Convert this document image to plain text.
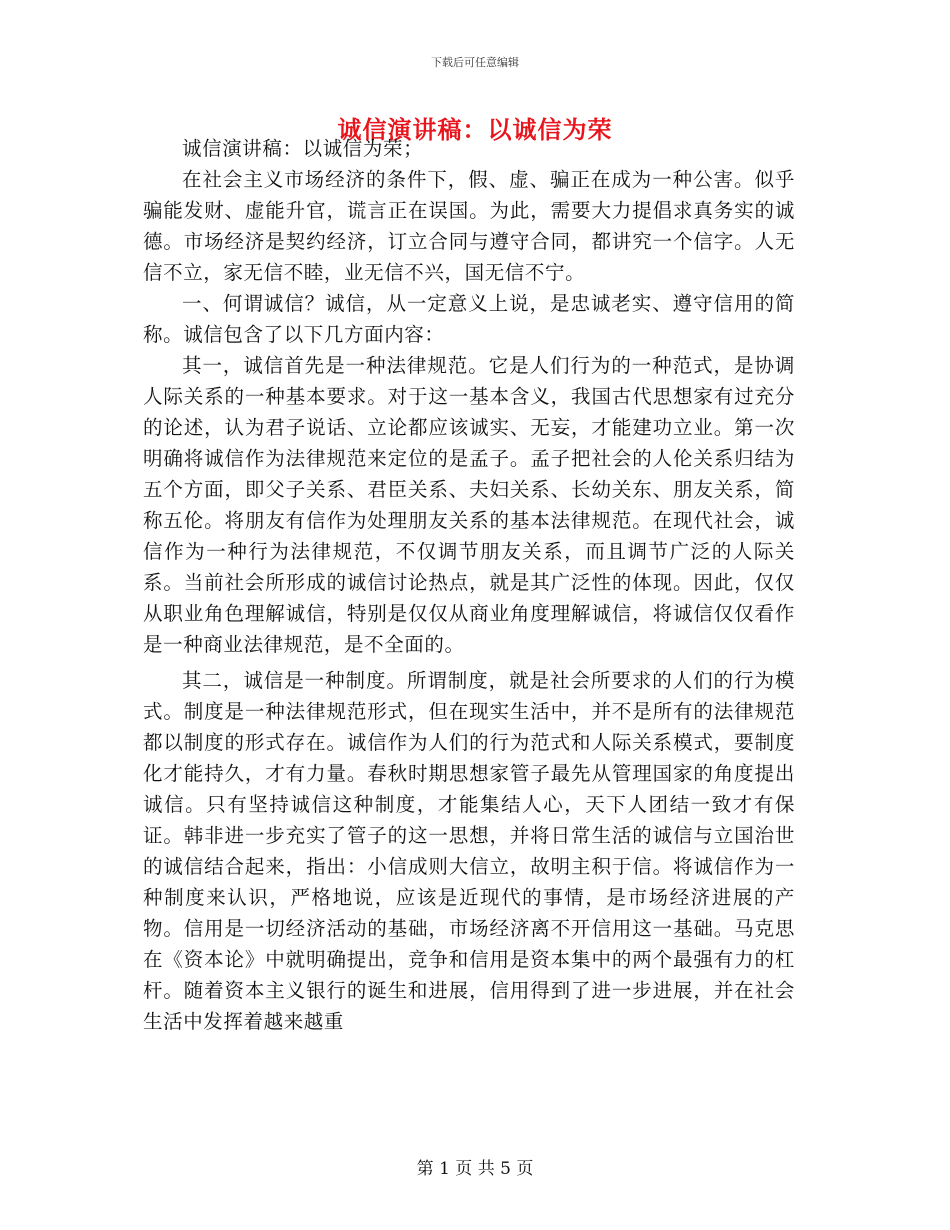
下载后可任意编辑
诚信演讲稿：以诚信为荣

诚信演讲稿：以诚信为荣；

在社会主义市场经济的条件下，假、虚、骗正在成为一种公害。似乎骗能发财、虚能升官，谎言正在误国。为此，需要大力提倡求真务实的诚德。市场经济是契约经济，订立合同与遵守合同，都讲究一个信字。人无信不立，家无信不睦，业无信不兴，国无信不宁。

一、何谓诚信？诚信，从一定意义上说，是忠诚老实、遵守信用的简称。诚信包含了以下几方面内容：

其一，诚信首先是一种法律规范。它是人们行为的一种范式，是协调人际关系的一种基本要求。对于这一基本含义，我国古代思想家有过充分的论述，认为君子说话、立论都应该诚实、无妄，才能建功立业。第一次明确将诚信作为法律规范来定位的是孟子。孟子把社会的人伦关系归结为五个方面，即父子关系、君臣关系、夫妇关系、长幼关东、朋友关系，简称五伦。将朋友有信作为处理朋友关系的基本法律规范。在现代社会，诚信作为一种行为法律规范，不仅调节朋友关系，而且调节广泛的人际关系。当前社会所形成的诚信讨论热点，就是其广泛性的体现。因此，仅仅从职业角色理解诚信，特别是仅仅从商业角度理解诚信，将诚信仅仅看作是一种商业法律规范，是不全面的。

其二，诚信是一种制度。所谓制度，就是社会所要求的人们的行为模式。制度是一种法律规范形式，但在现实生活中，并不是所有的法律规范都以制度的形式存在。诚信作为人们的行为范式和人际关系模式，要制度化才能持久，才有力量。春秋时期思想家管子最先从管理国家的角度提出诚信。只有坚持诚信这种制度，才能集结人心，天下人团结一致才有保证。韩非进一步充实了管子的这一思想，并将日常生活的诚信与立国治世的诚信结合起来，指出：小信成则大信立，故明主积于信。将诚信作为一种制度来认识，严格地说，应该是近现代的事情，是市场经济进展的产物。信用是一切经济活动的基础，市场经济离不开信用这一基础。马克思在《资本论》中就明确提出，竞争和信用是资本集中的两个最强有力的杠杆。随着资本主义银行的诞生和进展，信用得到了进一步进展，并在社会生活中发挥着越来越重

第 1 页 共 5 页
